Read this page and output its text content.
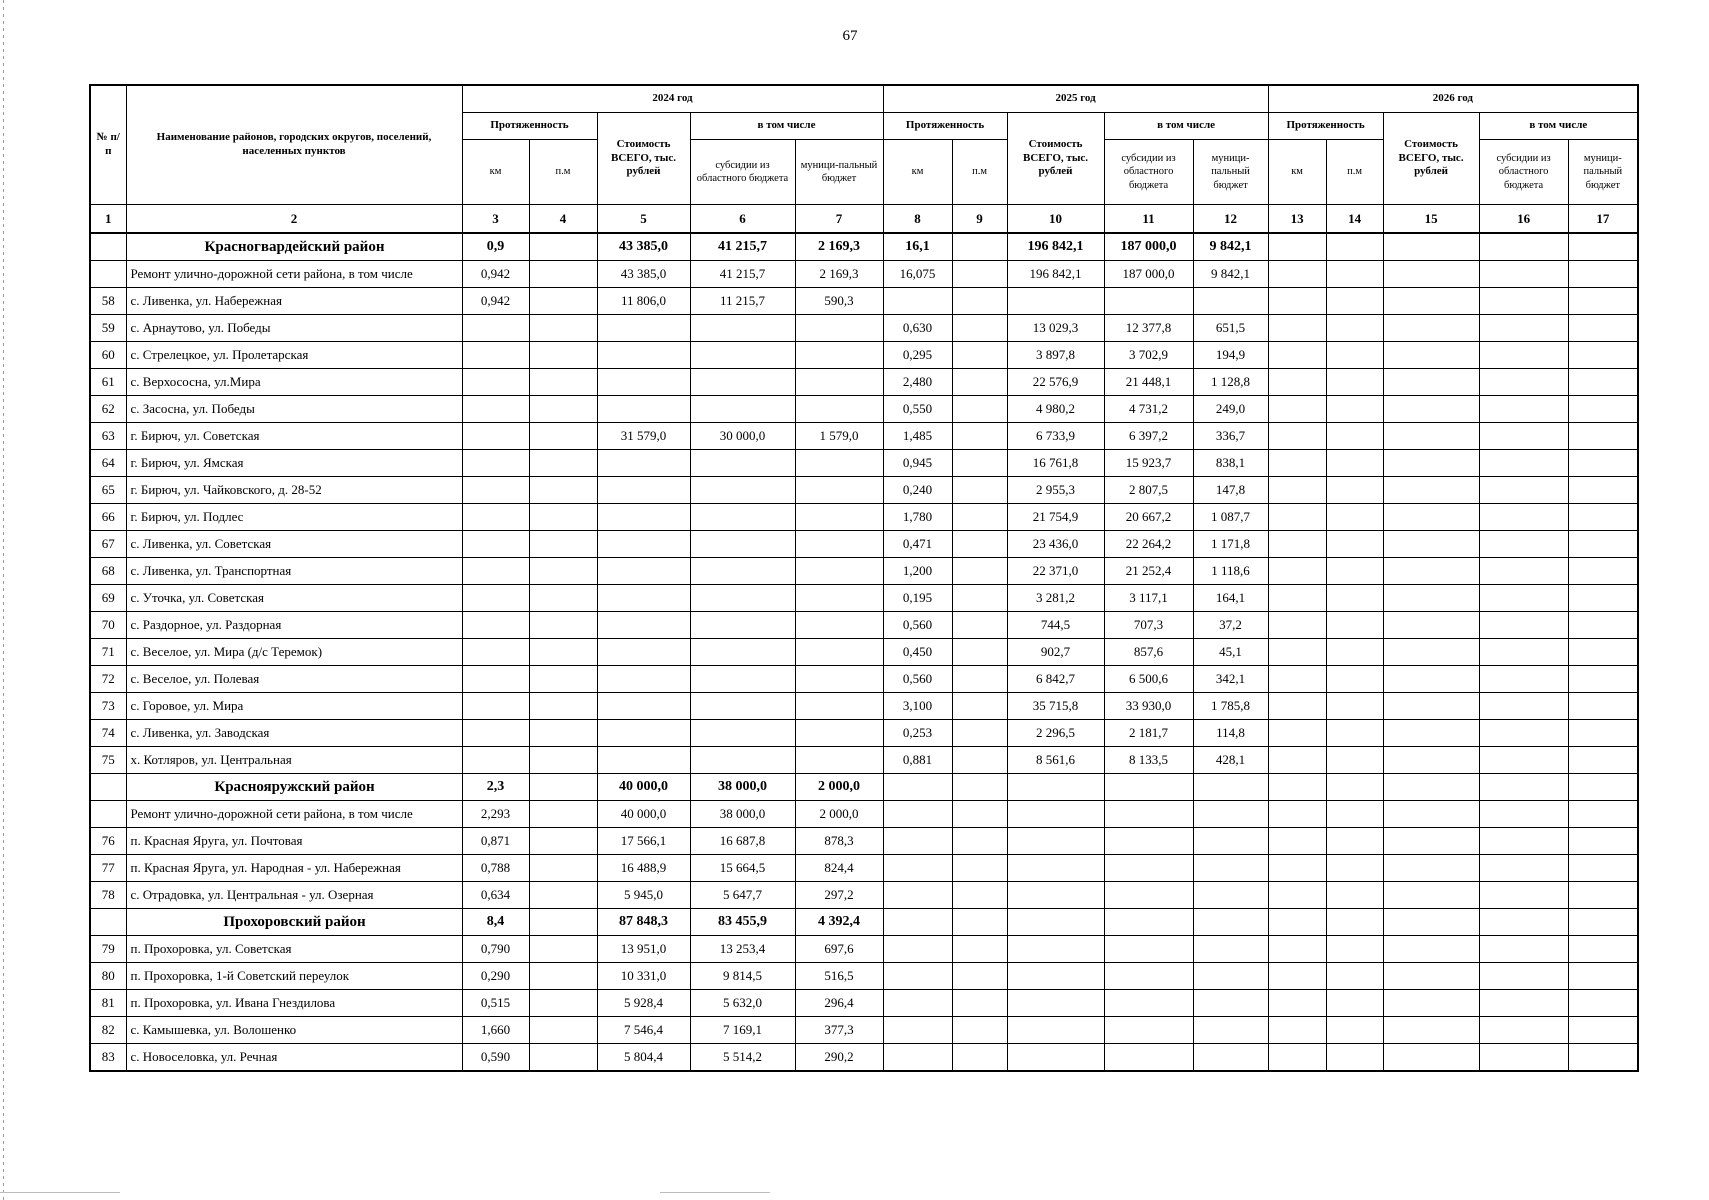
67
№ п/п	Наименование районов, городских округов, поселений, населенных пунктов	2024 год					2025 год					2026 год				
		Протяженность		Стоимость ВСЕГО, тыс. рублей	в том числе		Протяженность		Стоимость ВСЕГО, тыс. рублей	в том числе		Протяженность		Стоимость ВСЕГО, тыс. рублей	в том числе	
		км	п.м		субсидии из областного бюджета	муници-пальный бюджет	км	п.м		субсидии из областного бюджета	муници-пальный бюджет	км	п.м		субсидии из областного бюджета	муници-пальный бюджет
1	2	3	4	5	6	7	8	9	10	11	12	13	14	15	16	17
	Красногвардейский район	0,9		43 385,0	41 215,7	2 169,3	16,1		196 842,1	187 000,0	9 842,1					
	Ремонт улично-дорожной сети района, в том числе	0,942		43 385,0	41 215,7	2 169,3	16,075		196 842,1	187 000,0	9 842,1					
58	с. Ливенка, ул. Набережная	0,942		11 806,0	11 215,7	590,3										
59	с. Арнаутово, ул. Победы						0,630		13 029,3	12 377,8	651,5					
60	с. Стрелецкое, ул. Пролетарская						0,295		3 897,8	3 702,9	194,9					
61	с. Верхососна, ул.Мира						2,480		22 576,9	21 448,1	1 128,8					
62	с. Засосна, ул. Победы						0,550		4 980,2	4 731,2	249,0					
63	г. Бирюч, ул. Советская			31 579,0	30 000,0	1 579,0	1,485		6 733,9	6 397,2	336,7					
64	г. Бирюч, ул. Ямская						0,945		16 761,8	15 923,7	838,1					
65	г. Бирюч, ул. Чайковского, д. 28-52						0,240		2 955,3	2 807,5	147,8					
66	г. Бирюч, ул. Подлес						1,780		21 754,9	20 667,2	1 087,7					
67	с. Ливенка, ул. Советская						0,471		23 436,0	22 264,2	1 171,8					
68	с. Ливенка, ул. Транспортная						1,200		22 371,0	21 252,4	1 118,6					
69	с. Уточка, ул. Советская						0,195		3 281,2	3 117,1	164,1					
70	с. Раздорное, ул. Раздорная						0,560		744,5	707,3	37,2					
71	с. Веселое, ул. Мира (д/с Теремок)						0,450		902,7	857,6	45,1					
72	с. Веселое, ул. Полевая						0,560		6 842,7	6 500,6	342,1					
73	с. Горовое, ул. Мира						3,100		35 715,8	33 930,0	1 785,8					
74	с. Ливенка, ул. Заводская						0,253		2 296,5	2 181,7	114,8					
75	х. Котляров, ул. Центральная						0,881		8 561,6	8 133,5	428,1					
	Краснояружский район	2,3		40 000,0	38 000,0	2 000,0										
	Ремонт улично-дорожной сети района, в том числе	2,293		40 000,0	38 000,0	2 000,0										
76	п. Красная Яруга, ул. Почтовая	0,871		17 566,1	16 687,8	878,3										
77	п. Красная Яруга, ул. Народная - ул. Набережная	0,788		16 488,9	15 664,5	824,4										
78	с. Отрадовка, ул. Центральная - ул. Озерная	0,634		5 945,0	5 647,7	297,2										
	Прохоровский район	8,4		87 848,3	83 455,9	4 392,4										
79	п. Прохоровка, ул. Советская	0,790		13 951,0	13 253,4	697,6										
80	п. Прохоровка, 1-й Советский переулок	0,290		10 331,0	9 814,5	516,5										
81	п. Прохоровка, ул. Ивана Гнездилова	0,515		5 928,4	5 632,0	296,4										
82	с. Камышевка, ул. Волошенко	1,660		7 546,4	7 169,1	377,3										
83	с. Новоселовка, ул. Речная	0,590		5 804,4	5 514,2	290,2										
